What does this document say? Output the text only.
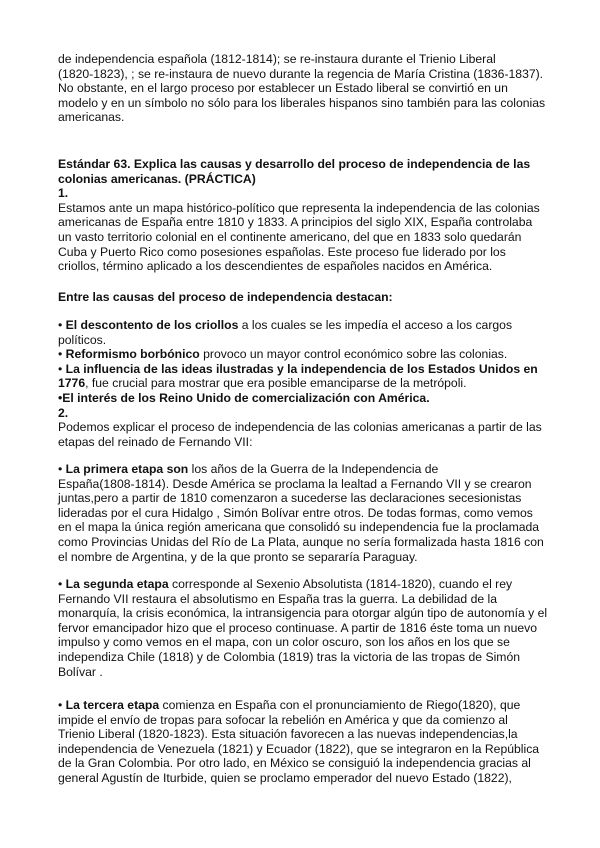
de independencia española (1812-1814); se re-instaura durante el Trienio Liberal
(1820-1823), ; se re-instaura de nuevo durante la regencia de María Cristina (1836-1837).
No obstante, en el largo proceso por establecer un Estado liberal se convirtió en un
modelo y en un símbolo no sólo para los liberales hispanos sino también para las colonias
americanas.
Estándar 63. Explica las causas y desarrollo del proceso de independencia de las
colonias americanas. (PRÁCTICA)
1.
Estamos ante un mapa histórico-político que representa la independencia de las colonias
americanas de España entre 1810 y 1833. A principios del siglo XIX, España controlaba
un vasto territorio colonial en el continente americano, del que en 1833 solo quedarán
Cuba y Puerto Rico como posesiones españolas. Este proceso fue liderado por los
criollos, término aplicado a los descendientes de españoles nacidos en América.
Entre las causas del proceso de independencia destacan:
• El descontento de los criollos a los cuales se les impedía el acceso a los cargos
políticos.
• Reformismo borbónico provoco un mayor control económico sobre las colonias.
• La influencia de las ideas ilustradas y la independencia de los Estados Unidos en
1776, fue crucial para mostrar que era posible emanciparse de la metrópoli.
•El interés de los Reino Unido de comercialización con América.
2.
Podemos explicar el proceso de independencia de las colonias americanas a partir de las
etapas del reinado de Fernando VII:
• La primera etapa son los años de la Guerra de la Independencia de
España(1808-1814). Desde América se proclama la lealtad a Fernando VII y se crearon
juntas,pero a partir de 1810 comenzaron a sucederse las declaraciones secesionistas
lideradas por el cura Hidalgo , Simón Bolívar entre otros. De todas formas, como vemos
en el mapa la única región americana que consolidó su independencia fue la proclamada
como Provincias Unidas del Río de La Plata, aunque no sería formalizada hasta 1816 con
el nombre de Argentina, y de la que pronto se separaría Paraguay.
• La segunda etapa corresponde al Sexenio Absolutista (1814-1820), cuando el rey
Fernando VII restaura el absolutismo en España tras la guerra. La debilidad de la
monarquía, la crisis económica, la intransigencia para otorgar algún tipo de autonomía y el
fervor emancipador hizo que el proceso continuase. A partir de 1816 éste toma un nuevo
impulso y como vemos en el mapa, con un color oscuro, son los años en los que se
independiza Chile (1818) y de Colombia (1819) tras la victoria de las tropas de Simón
Bolívar .
• La tercera etapa comienza en España con el pronunciamiento de Riego(1820), que
impide el envío de tropas para sofocar la rebelión en América y que da comienzo al
Trienio Liberal (1820-1823). Esta situación favorecen a las nuevas independencias,la
independencia de Venezuela (1821) y Ecuador (1822), que se integraron en la República
de la Gran Colombia. Por otro lado, en México se consiguió la independencia gracias al
general Agustín de Iturbide, quien se proclamo emperador del nuevo Estado (1822),
